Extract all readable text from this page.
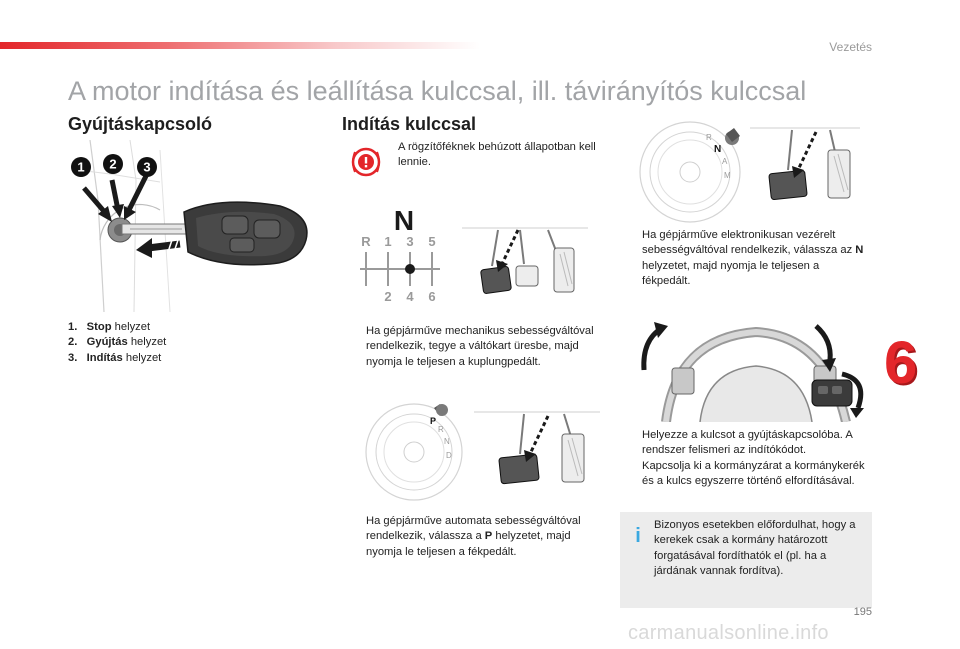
Vezetés
A motor indítása és leállítása kulccsal, ill. távirányítós kulccsal
Gyújtáskapcsoló
1 2 3
1. Stop helyzet
2. Gyújtás helyzet
3. Indítás helyzet
Indítás kulccsal
A rögzítőféknek behúzott állapotban kell lennie.
N
R 1 3 5
2 4 6
Ha gépjárműve mechanikus sebességváltóval rendelkezik, tegye a váltókart üresbe, majd nyomja le teljesen a kuplungpedált.
P
R
N
D
Ha gépjárműve automata sebességváltóval rendelkezik, válassza a P helyzetet, majd nyomja le teljesen a fékpedált.
R
N
A
M
Ha gépjárműve elektronikusan vezérelt sebességváltóval rendelkezik, válassza az N helyzetet, majd nyomja le teljesen a fékpedált.
Helyezze a kulcsot a gyújtáskapcsolóba. A rendszer felismeri az indítókódot.
Kapcsolja ki a kormányzárat a kormánykerék és a kulcs egyszerre történő elfordításával.
i Bizonyos esetekben előfordulhat, hogy a kerekek csak a kormány határozott forgatásával fordíthatók el (pl. ha a járdának vannak fordítva).
6
195
carmanualsonline.info
